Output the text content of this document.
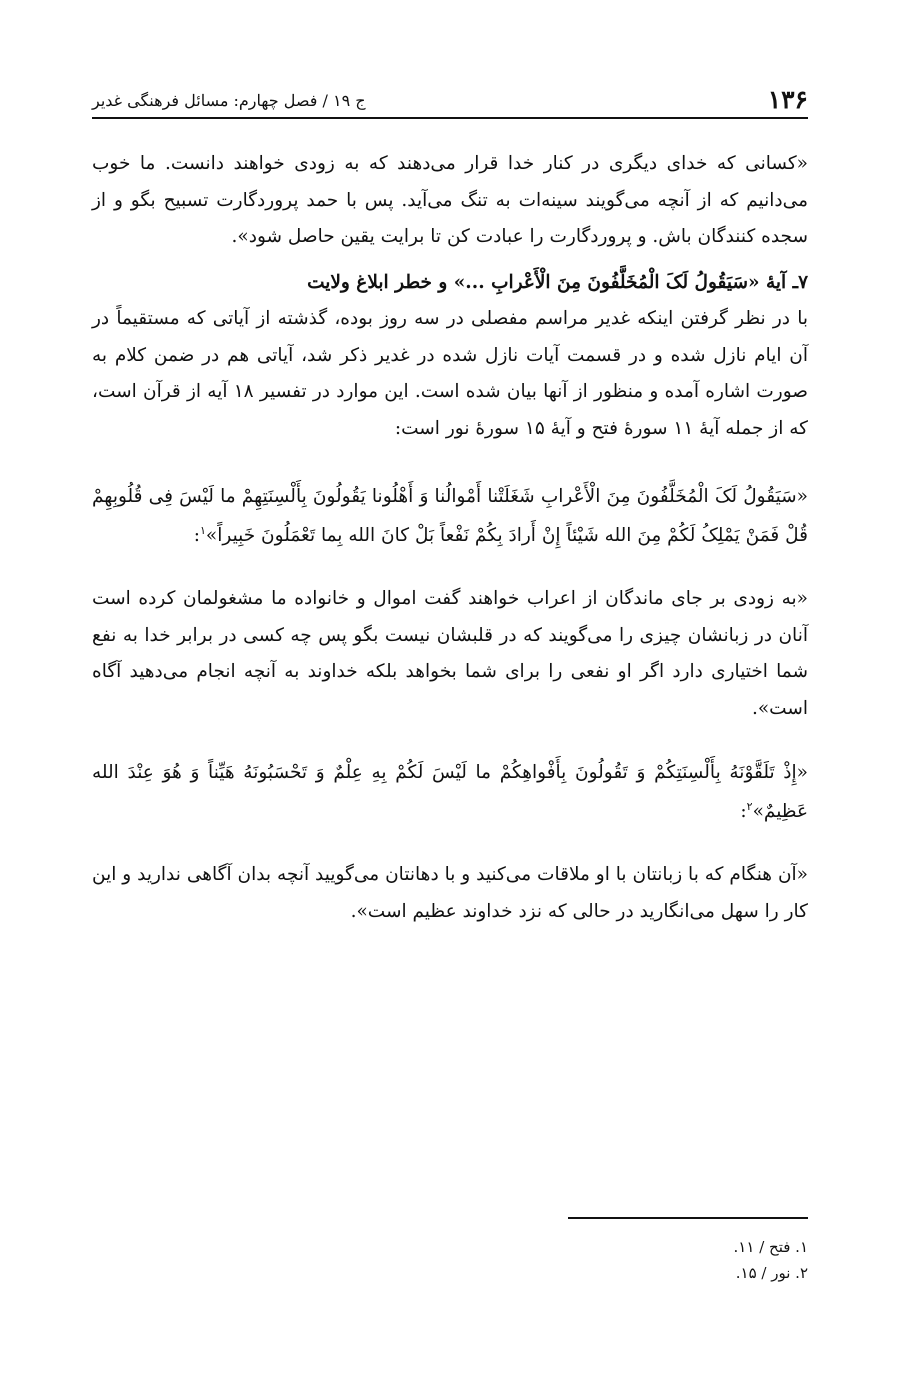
۱۳۶
ج ۱۹ / فصل چهارم: مسائل فرهنگی غدیر

«کسانی که خدای دیگری در کنار خدا قرار می‌دهند که به زودی خواهند دانست. ما خوب می‌دانیم که از آنچه می‌گویند سینه‌ات به تنگ می‌آید. پس با حمد پروردگارت تسبیح بگو و از سجده کنندگان باش. و پروردگارت را عبادت کن تا برایت یقین حاصل شود».

۷ـ آیهٔ «سَیَقُولُ لَکَ الْمُخَلَّفُونَ مِنَ الْأَعْرابِ ...» و خطر ابلاغ ولایت

با در نظر گرفتن اینکه غدیر مراسم مفصلی در سه روز بوده، گذشته از آیاتی که مستقیماً در آن ایام نازل شده و در قسمت آیات نازل شده در غدیر ذکر شد، آیاتی هم در ضمن کلام به صورت اشاره آمده و منظور از آنها بیان شده است. این موارد در تفسیر ۱۸ آیه از قرآن است، که از جمله آیهٔ ۱۱ سورهٔ فتح و آیهٔ ۱۵ سورهٔ نور است:

«سَیَقُولُ لَکَ الْمُخَلَّفُونَ مِنَ الْأَعْرابِ شَغَلَتْنا أَمْوالُنا وَ أَهْلُونا یَقُولُونَ بِأَلْسِنَتِهِمْ ما لَیْسَ فِی قُلُوبِهِمْ قُلْ فَمَنْ یَمْلِکُ لَکُمْ مِنَ الله شَیْئاً إِنْ أَرادَ بِکُمْ نَفْعاً بَلْ کانَ الله بِما تَعْمَلُونَ خَبِیراً»$^۱$:

«به زودی بر جای ماندگان از اعراب خواهند گفت اموال و خانواده ما مشغولمان کرده است آنان در زبانشان چیزی را می‌گویند که در قلبشان نیست بگو پس چه کسی در برابر خدا به نفع شما اختیاری دارد اگر او نفعی را برای شما بخواهد بلکه خداوند به آنچه انجام می‌دهید آگاه است».

«إِذْ تَلَقَّوْنَهُ بِأَلْسِنَتِکُمْ وَ تَقُولُونَ بِأَفْواهِکُمْ ما لَیْسَ لَکُمْ بِهِ عِلْمٌ وَ تَحْسَبُونَهُ هَیِّناً وَ هُوَ عِنْدَ الله عَظِیمٌ»$^۲$:

«آن هنگام که با زبانتان با او ملاقات می‌کنید و با دهانتان می‌گویید آنچه بدان آگاهی ندارید و این کار را سهل می‌انگارید در حالی که نزد خداوند عظیم است».

۱. فتح / ۱۱.
۲. نور / ۱۵.
